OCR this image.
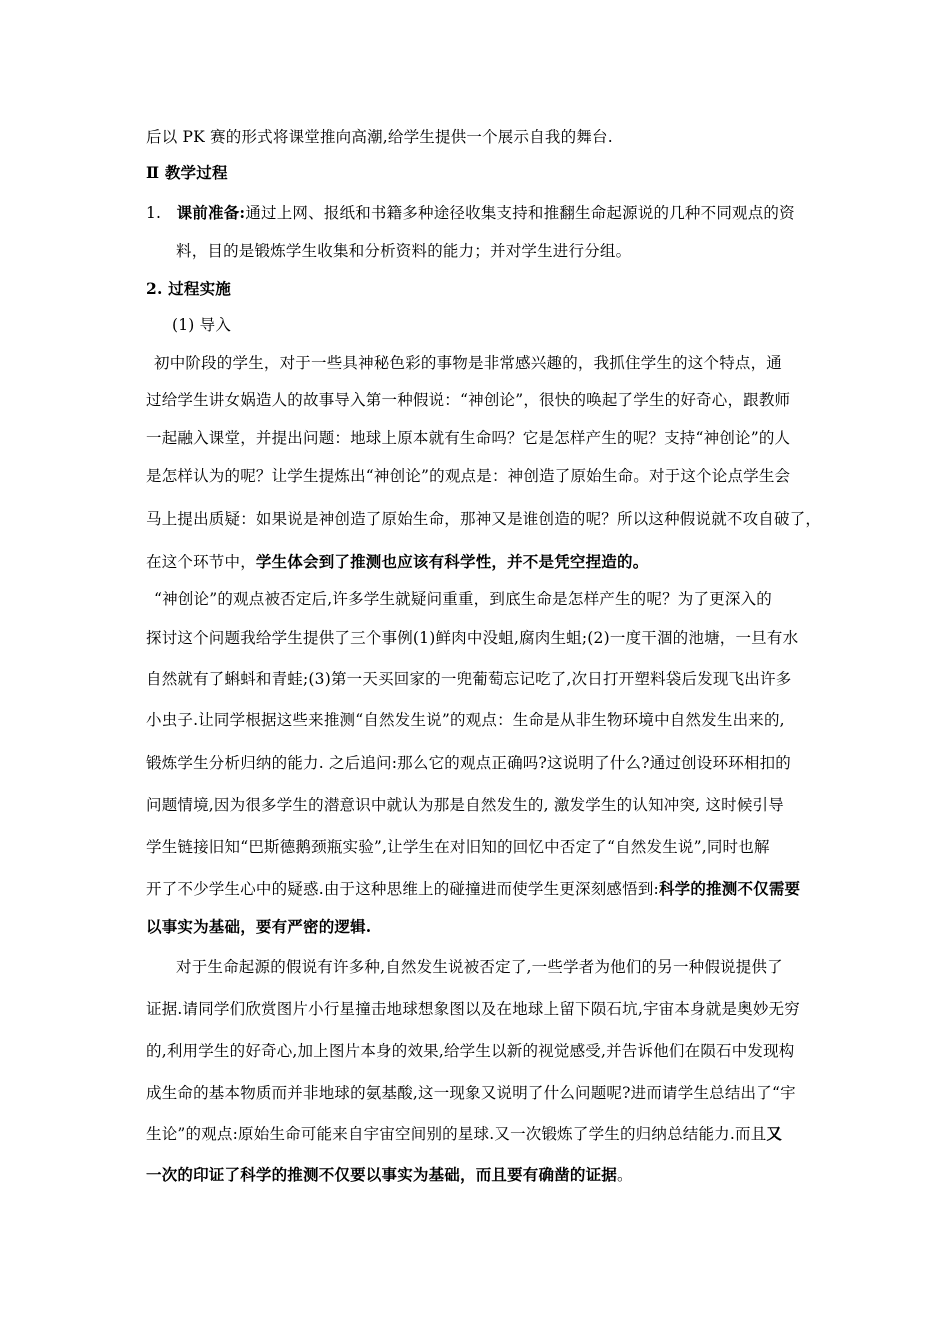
后以 PK 赛的形式将课堂推向高潮,给学生提供一个展示自我的舞台.
Ⅱ 教学过程
1. 课前准备:通过上网、报纸和书籍多种途径收集支持和推翻生命起源说的几种不同观点的资
料，目的是锻炼学生收集和分析资料的能力；并对学生进行分组。
2. 过程实施
(1) 导入
初中阶段的学生，对于一些具神秘色彩的事物是非常感兴趣的，我抓住学生的这个特点，通
过给学生讲女娲造人的故事导入第一种假说：“神创论”，很快的唤起了学生的好奇心，跟教师
一起融入课堂，并提出问题：地球上原本就有生命吗？它是怎样产生的呢？支持“神创论”的人
是怎样认为的呢？让学生提炼出“神创论”的观点是：神创造了原始生命。对于这个论点学生会
马上提出质疑：如果说是神创造了原始生命，那神又是谁创造的呢？所以这种假说就不攻自破了，
在这个环节中，学生体会到了推测也应该有科学性，并不是凭空捏造的。
“神创论”的观点被否定后,许多学生就疑问重重，到底生命是怎样产生的呢？为了更深入的
探讨这个问题我给学生提供了三个事例(1)鲜肉中没蛆,腐肉生蛆;(2)一度干涸的池塘，一旦有水
自然就有了蝌蚪和青蛙;(3)第一天买回家的一兜葡萄忘记吃了,次日打开塑料袋后发现飞出许多
小虫子.让同学根据这些来推测“自然发生说”的观点：生命是从非生物环境中自然发生出来的,
锻炼学生分析归纳的能力. 之后追问:那么它的观点正确吗?这说明了什么?通过创设环环相扣的
问题情境,因为很多学生的潜意识中就认为那是自然发生的, 激发学生的认知冲突, 这时候引导
学生链接旧知“巴斯德鹅颈瓶实验”,让学生在对旧知的回忆中否定了“自然发生说”,同时也解
开了不少学生心中的疑惑.由于这种思维上的碰撞进而使学生更深刻感悟到:科学的推测不仅需要
以事实为基础，要有严密的逻辑.
对于生命起源的假说有许多种,自然发生说被否定了,一些学者为他们的另一种假说提供了
证据.请同学们欣赏图片小行星撞击地球想象图以及在地球上留下陨石坑,宇宙本身就是奥妙无穷
的,利用学生的好奇心,加上图片本身的效果,给学生以新的视觉感受,并告诉他们在陨石中发现构
成生命的基本物质而并非地球的氨基酸,这一现象又说明了什么问题呢?进而请学生总结出了“宇
生论”的观点:原始生命可能来自宇宙空间别的星球.又一次锻炼了学生的归纳总结能力.而且又
一次的印证了科学的推测不仅要以事实为基础，而且要有确凿的证据。
